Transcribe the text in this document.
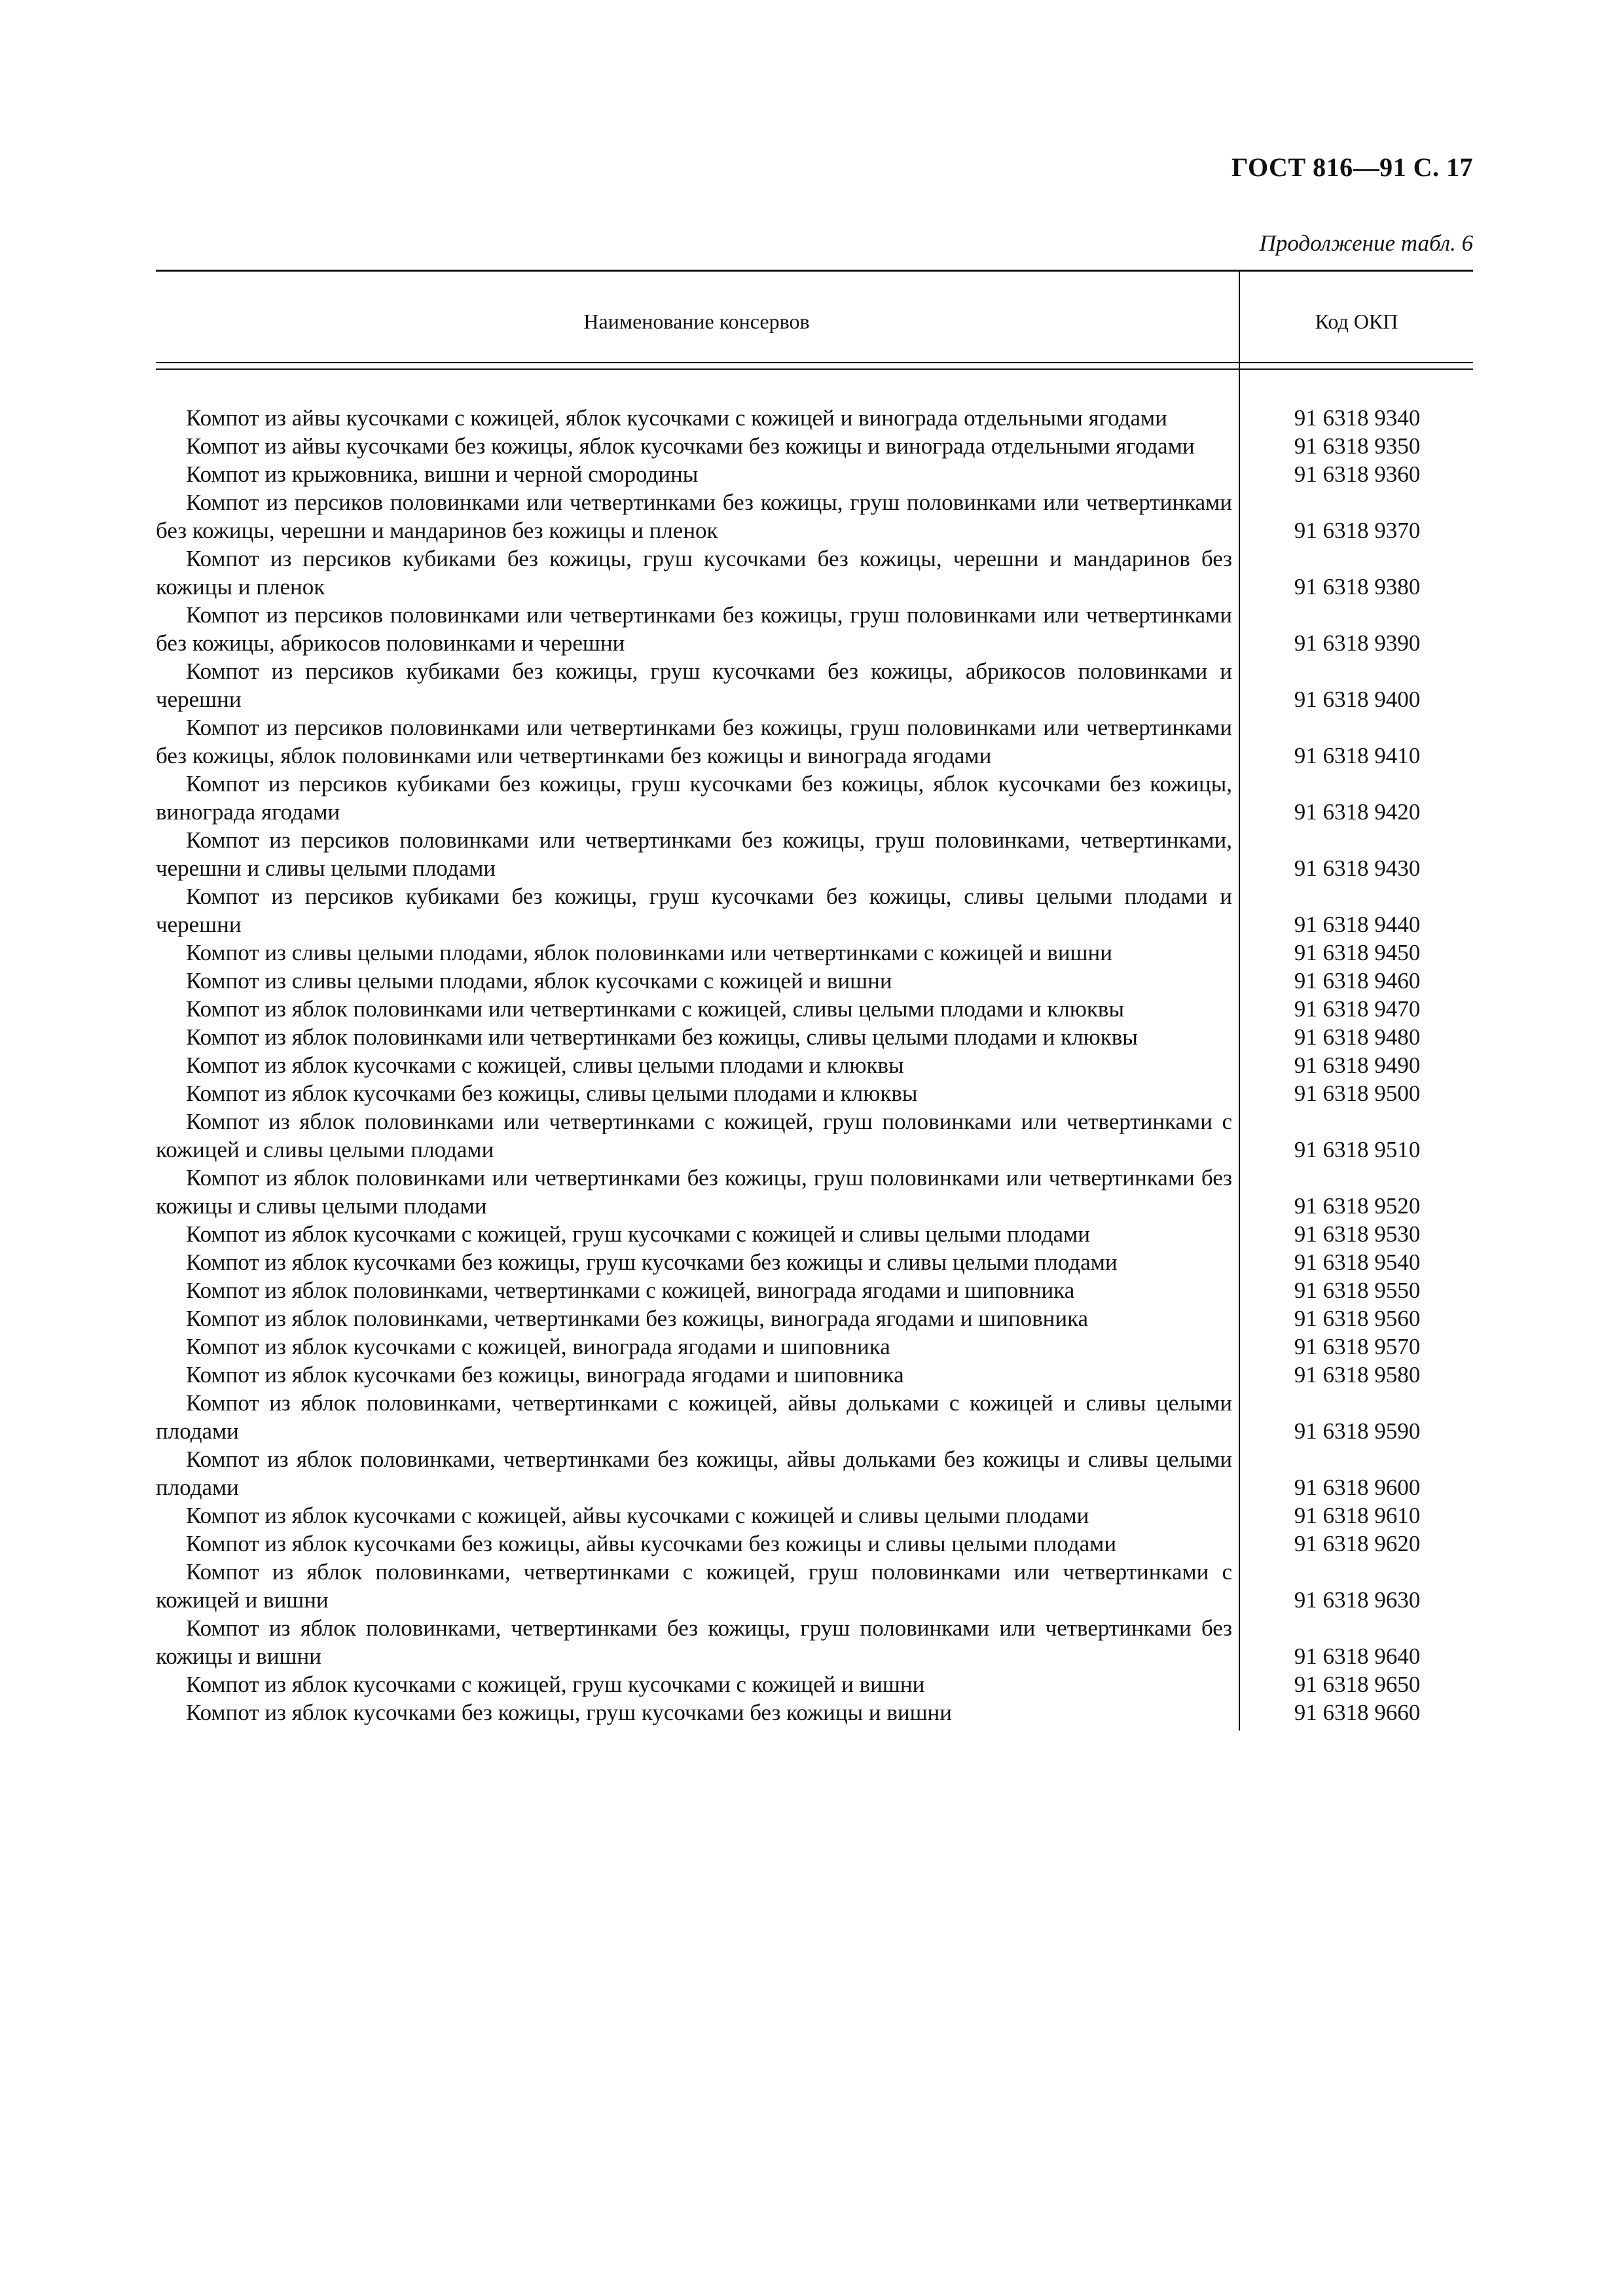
ГОСТ 816—91 С. 17
Продолжение табл. 6
Наименование консервов	Код ОКП
Компот из айвы кусочками с кожицей, яблок кусочками с кожицей и винограда отдельными ягодами	91 6318 9340
Компот из айвы кусочками без кожицы, яблок кусочками без кожицы и винограда отдельными ягодами	91 6318 9350
Компот из крыжовника, вишни и черной смородины	91 6318 9360
Компот из персиков половинками или четвертинками без кожицы, груш половинками или четвертинками без кожицы, черешни и мандаринов без кожицы и пленок	91 6318 9370
Компот из персиков кубиками без кожицы, груш кусочками без кожицы, черешни и мандаринов без кожицы и пленок	91 6318 9380
Компот из персиков половинками или четвертинками без кожицы, груш половинками или четвертинками без кожицы, абрикосов половинками и черешни	91 6318 9390
Компот из персиков кубиками без кожицы, груш кусочками без кожицы, абрикосов половинками и черешни	91 6318 9400
Компот из персиков половинками или четвертинками без кожицы, груш половинками или четвертинками без кожицы, яблок половинками или четвертинками без кожицы и винограда ягодами	91 6318 9410
Компот из персиков кубиками без кожицы, груш кусочками без кожицы, яблок кусочками без кожицы, винограда ягодами	91 6318 9420
Компот из персиков половинками или четвертинками без кожицы, груш половинками, четвертинками, черешни и сливы целыми плодами	91 6318 9430
Компот из персиков кубиками без кожицы, груш кусочками без кожицы, сливы целыми плодами и черешни	91 6318 9440
Компот из сливы целыми плодами, яблок половинками или четвертинками с кожицей и вишни	91 6318 9450
Компот из сливы целыми плодами, яблок кусочками с кожицей и вишни	91 6318 9460
Компот из яблок половинками или четвертинками с кожицей, сливы целыми плодами и клюквы	91 6318 9470
Компот из яблок половинками или четвертинками без кожицы, сливы целыми плодами и клюквы	91 6318 9480
Компот из яблок кусочками с кожицей, сливы целыми плодами и клюквы	91 6318 9490
Компот из яблок кусочками без кожицы, сливы целыми плодами и клюквы	91 6318 9500
Компот из яблок половинками или четвертинками с кожицей, груш половинками или четвертинками с кожицей и сливы целыми плодами	91 6318 9510
Компот из яблок половинками или четвертинками без кожицы, груш половинками или четвертинками без кожицы и сливы целыми плодами	91 6318 9520
Компот из яблок кусочками с кожицей, груш кусочками с кожицей и сливы целыми плодами	91 6318 9530
Компот из яблок кусочками без кожицы, груш кусочками без кожицы и сливы целыми плодами	91 6318 9540
Компот из яблок половинками, четвертинками с кожицей, винограда ягодами и шиповника	91 6318 9550
Компот из яблок половинками, четвертинками без кожицы, винограда ягодами и шиповника	91 6318 9560
Компот из яблок кусочками с кожицей, винограда ягодами и шиповника	91 6318 9570
Компот из яблок кусочками без кожицы, винограда ягодами и шиповника	91 6318 9580
Компот из яблок половинками, четвертинками с кожицей, айвы дольками с кожицей и сливы целыми плодами	91 6318 9590
Компот из яблок половинками, четвертинками без кожицы, айвы дольками без кожицы и сливы целыми плодами	91 6318 9600
Компот из яблок кусочками с кожицей, айвы кусочками с кожицей и сливы целыми плодами	91 6318 9610
Компот из яблок кусочками без кожицы, айвы кусочками без кожицы и сливы целыми плодами	91 6318 9620
Компот из яблок половинками, четвертинками с кожицей, груш половинками или четвертинками с кожицей и вишни	91 6318 9630
Компот из яблок половинками, четвертинками без кожицы, груш половинками или четвертинками без кожицы и вишни	91 6318 9640
Компот из яблок кусочками с кожицей, груш кусочками с кожицей и вишни	91 6318 9650
Компот из яблок кусочками без кожицы, груш кусочками без кожицы и вишни	91 6318 9660
